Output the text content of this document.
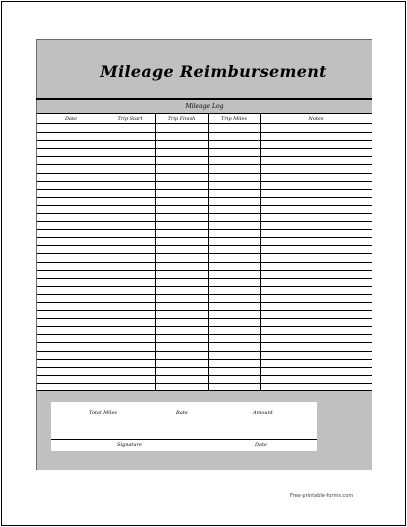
Mileage Reimbursement
Mileage Log
Date	Trip Start	Trip Finish	Trip Miles	Notes
Total Miles	Rate	Amount
Signature	Date
Free-printable-forms.com
